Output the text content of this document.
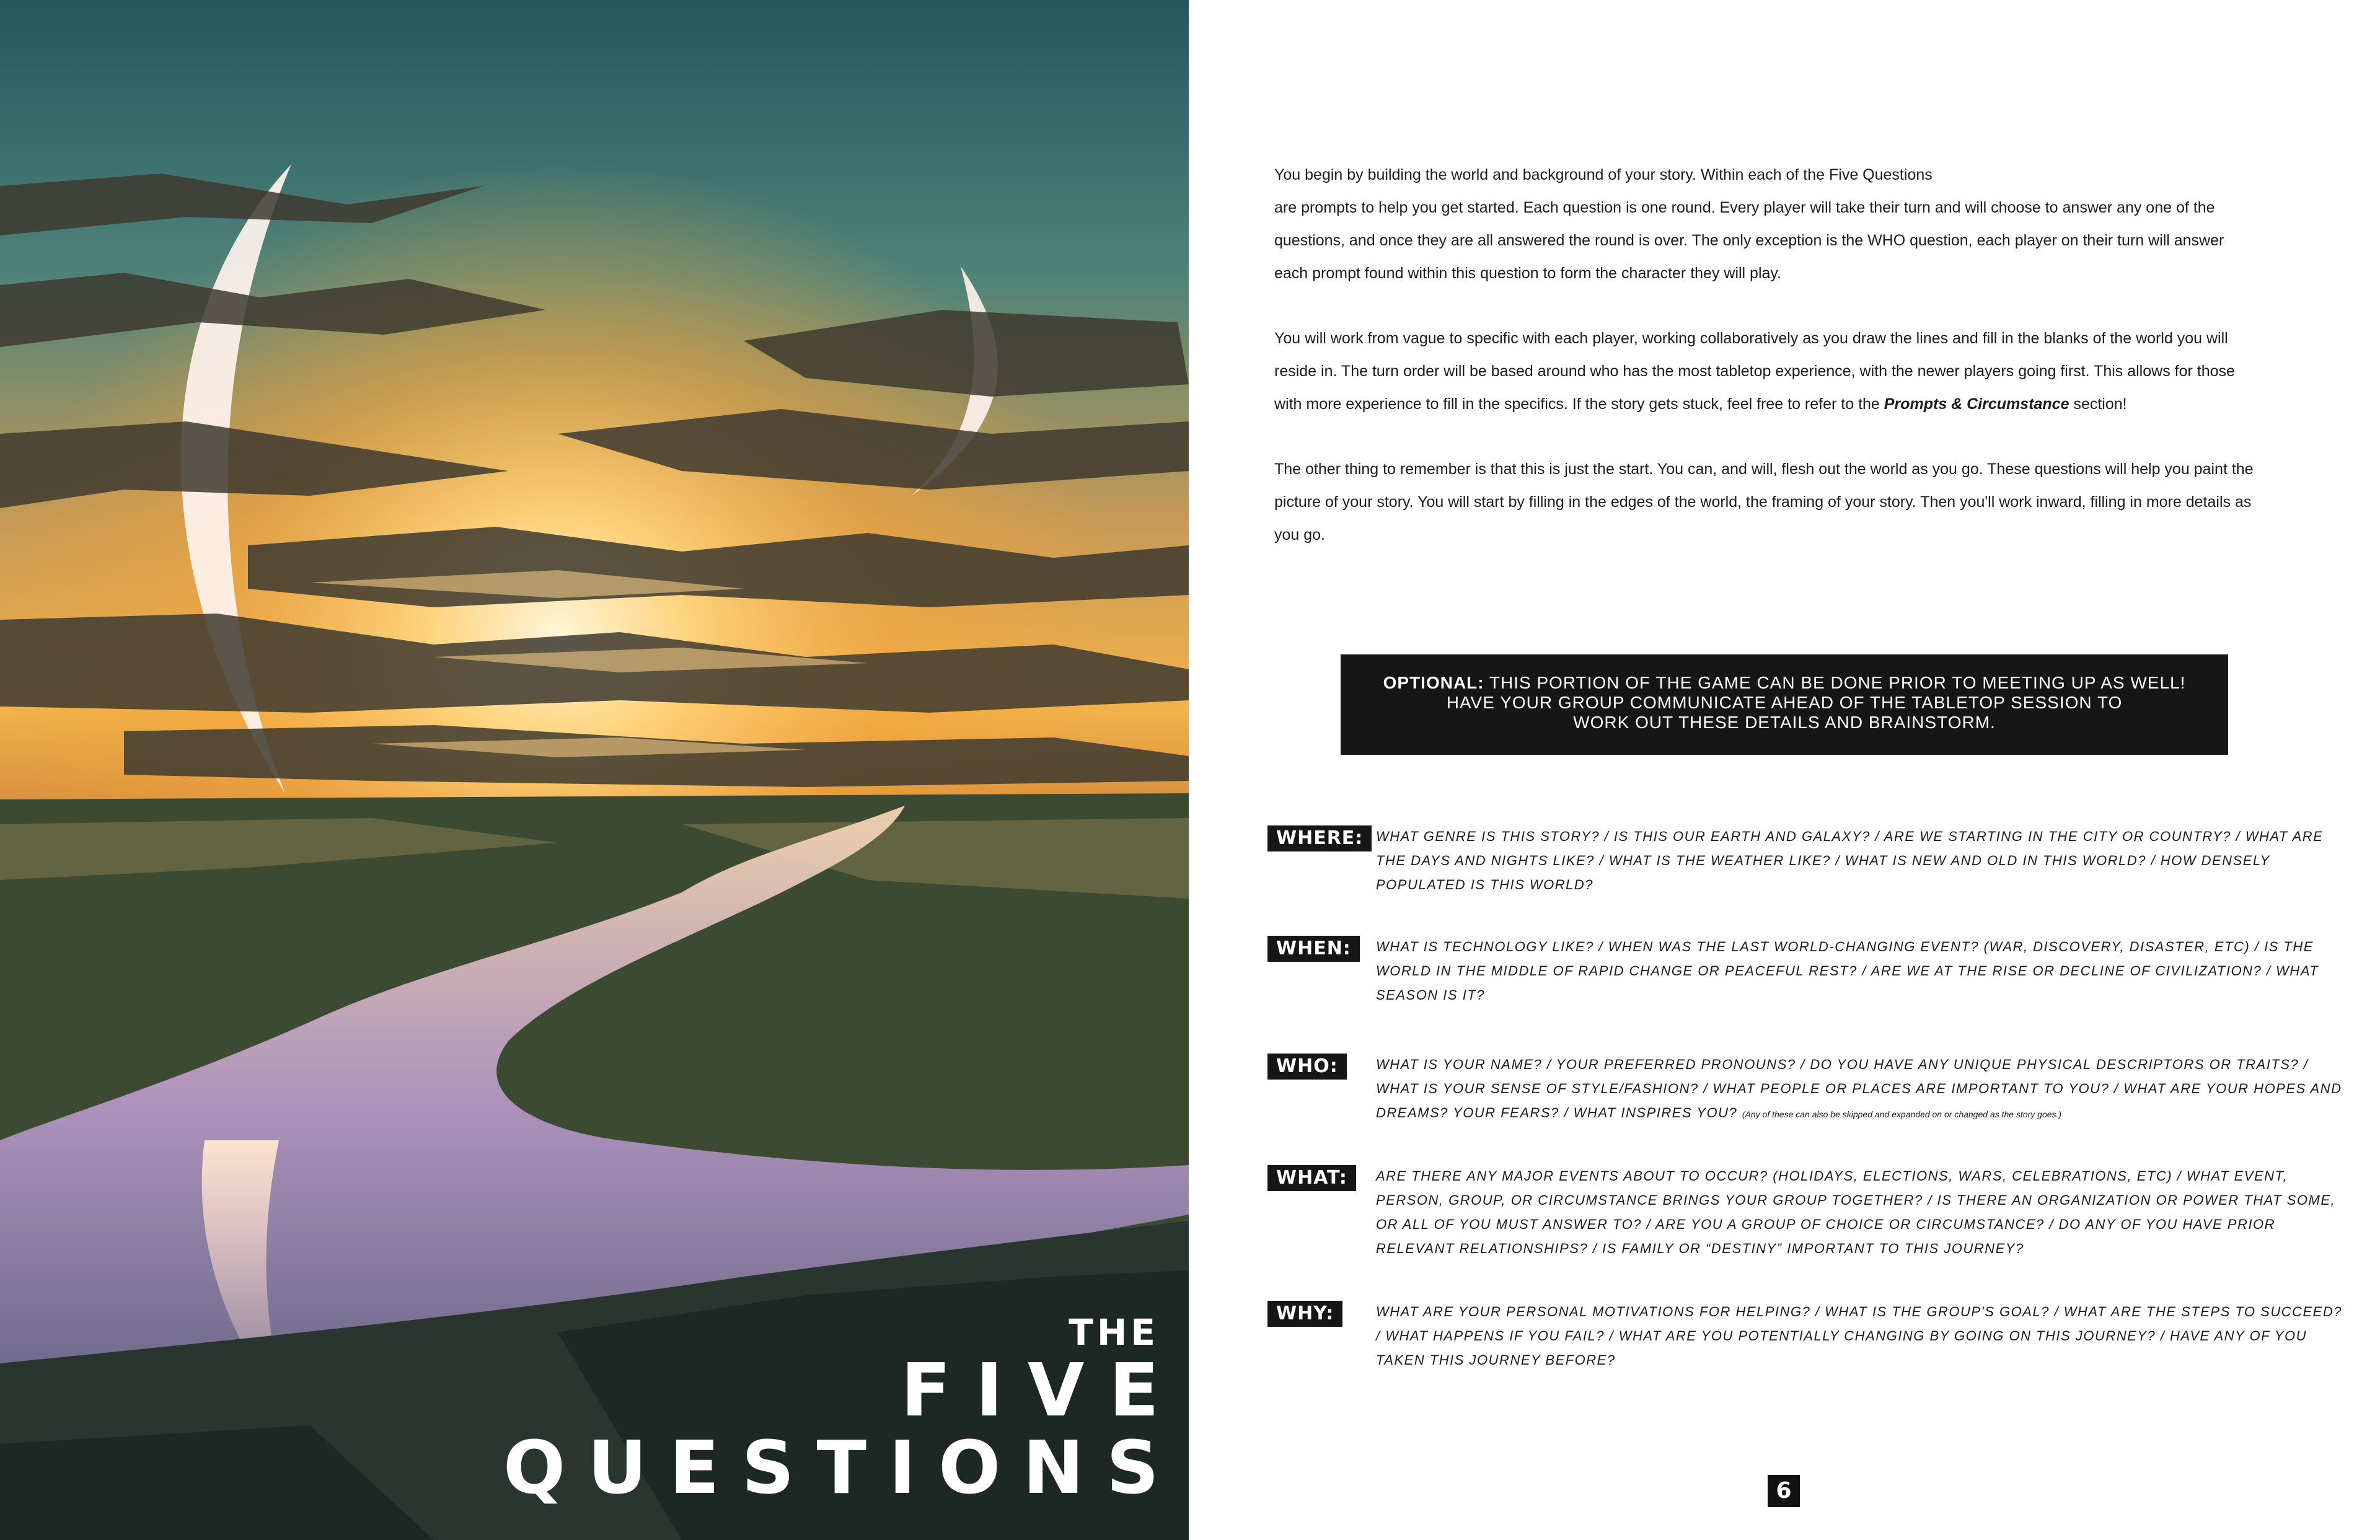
THE
FIVE
QUESTIONS

You begin by building the world and background of your story. Within each of the Five Questions
are prompts to help you get started. Each question is one round. Every player will take their turn and will choose to answer any one of the questions, and once they are all answered the round is over. The only exception is the WHO question, each player on their turn will answer each prompt found within this question to form the character they will play.

You will work from vague to specific with each player, working collaboratively as you draw the lines and fill in the blanks of the world you will reside in. The turn order will be based around who has the most tabletop experience, with the newer players going first. This allows for those with more experience to fill in the specifics. If the story gets stuck, feel free to refer to the Prompts & Circumstance section!

The other thing to remember is that this is just the start. You can, and will, flesh out the world as you go. These questions will help you paint the picture of your story. You will start by filling in the edges of the world, the framing of your story. Then you'll work inward, filling in more details as you go.

OPTIONAL: THIS PORTION OF THE GAME CAN BE DONE PRIOR TO MEETING UP AS WELL!
HAVE YOUR GROUP COMMUNICATE AHEAD OF THE TABLETOP SESSION TO
WORK OUT THESE DETAILS AND BRAINSTORM.
WHERE: WHAT GENRE IS THIS STORY? / IS THIS OUR EARTH AND GALAXY? / ARE WE STARTING IN THE CITY OR COUNTRY? / WHAT ARE THE DAYS AND NIGHTS LIKE? / WHAT IS THE WEATHER LIKE? / WHAT IS NEW AND OLD IN THIS WORLD? / HOW DENSELY POPULATED IS THIS WORLD?
WHEN:	WHAT IS TECHNOLOGY LIKE? / WHEN WAS THE LAST WORLD-CHANGING EVENT? (WAR, DISCOVERY, DISASTER, ETC) / IS THE WORLD IN THE MIDDLE OF RAPID CHANGE OR PEACEFUL REST? / ARE WE AT THE RISE OR DECLINE OF CIVILIZATION? / WHAT SEASON IS IT?
WHO:	WHAT IS YOUR NAME? / YOUR PREFERRED PRONOUNS? / DO YOU HAVE ANY UNIQUE PHYSICAL DESCRIPTORS OR TRAITS? / WHAT IS YOUR SENSE OF STYLE/FASHION? / WHAT PEOPLE OR PLACES ARE IMPORTANT TO YOU? / WHAT ARE YOUR HOPES AND DREAMS? YOUR FEARS? / WHAT INSPIRES YOU? (Any of these can also be skipped and expanded on or changed as the story goes.)
WHAT:	ARE THERE ANY MAJOR EVENTS ABOUT TO OCCUR? (HOLIDAYS, ELECTIONS, WARS, CELEBRATIONS, ETC) / WHAT EVENT, PERSON, GROUP, OR CIRCUMSTANCE BRINGS YOUR GROUP TOGETHER? / IS THERE AN ORGANIZATION OR POWER THAT SOME, OR ALL OF YOU MUST ANSWER TO? / ARE YOU A GROUP OF CHOICE OR CIRCUMSTANCE? / DO ANY OF YOU HAVE PRIOR RELEVANT RELATIONSHIPS? / IS FAMILY OR “DESTINY” IMPORTANT TO THIS JOURNEY?
WHY:	WHAT ARE YOUR PERSONAL MOTIVATIONS FOR HELPING? / WHAT IS THE GROUP'S GOAL? / WHAT ARE THE STEPS TO SUCCEED? / WHAT HAPPENS IF YOU FAIL? / WHAT ARE YOU POTENTIALLY CHANGING BY GOING ON THIS JOURNEY? / HAVE ANY OF YOU TAKEN THIS JOURNEY BEFORE?
6
